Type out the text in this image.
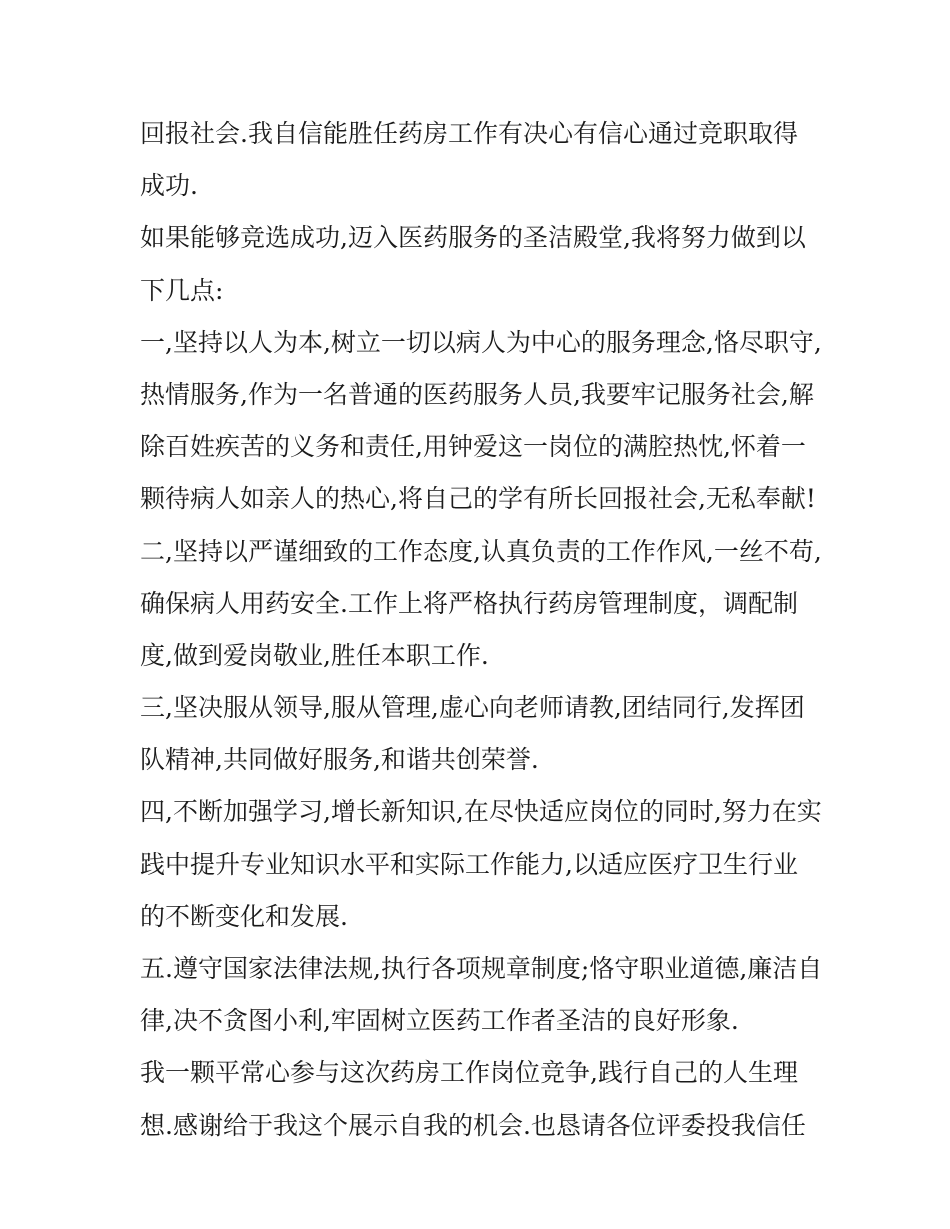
回报社会.我自信能胜任药房工作有决心有信心通过竞职取得
成功.
如果能够竞选成功,迈入医药服务的圣洁殿堂,我将努力做到以
下几点:
一,坚持以人为本,树立一切以病人为中心的服务理念,恪尽职守,
热情服务,作为一名普通的医药服务人员,我要牢记服务社会,解
除百姓疾苦的义务和责任,用钟爱这一岗位的满腔热忱,怀着一
颗待病人如亲人的热心,将自己的学有所长回报社会,无私奉献!
二,坚持以严谨细致的工作态度,认真负责的工作作风,一丝不苟,
确保病人用药安全.工作上将严格执行药房管理制度，调配制
度,做到爱岗敬业,胜任本职工作.
三,坚决服从领导,服从管理,虚心向老师请教,团结同行,发挥团
队精神,共同做好服务,和谐共创荣誉.
四,不断加强学习,增长新知识,在尽快适应岗位的同时,努力在实
践中提升专业知识水平和实际工作能力,以适应医疗卫生行业
的不断变化和发展.
五.遵守国家法律法规,执行各项规章制度;恪守职业道德,廉洁自
律,决不贪图小利,牢固树立医药工作者圣洁的良好形象.
我一颗平常心参与这次药房工作岗位竞争,践行自己的人生理
想.感谢给于我这个展示自我的机会.也恳请各位评委投我信任
